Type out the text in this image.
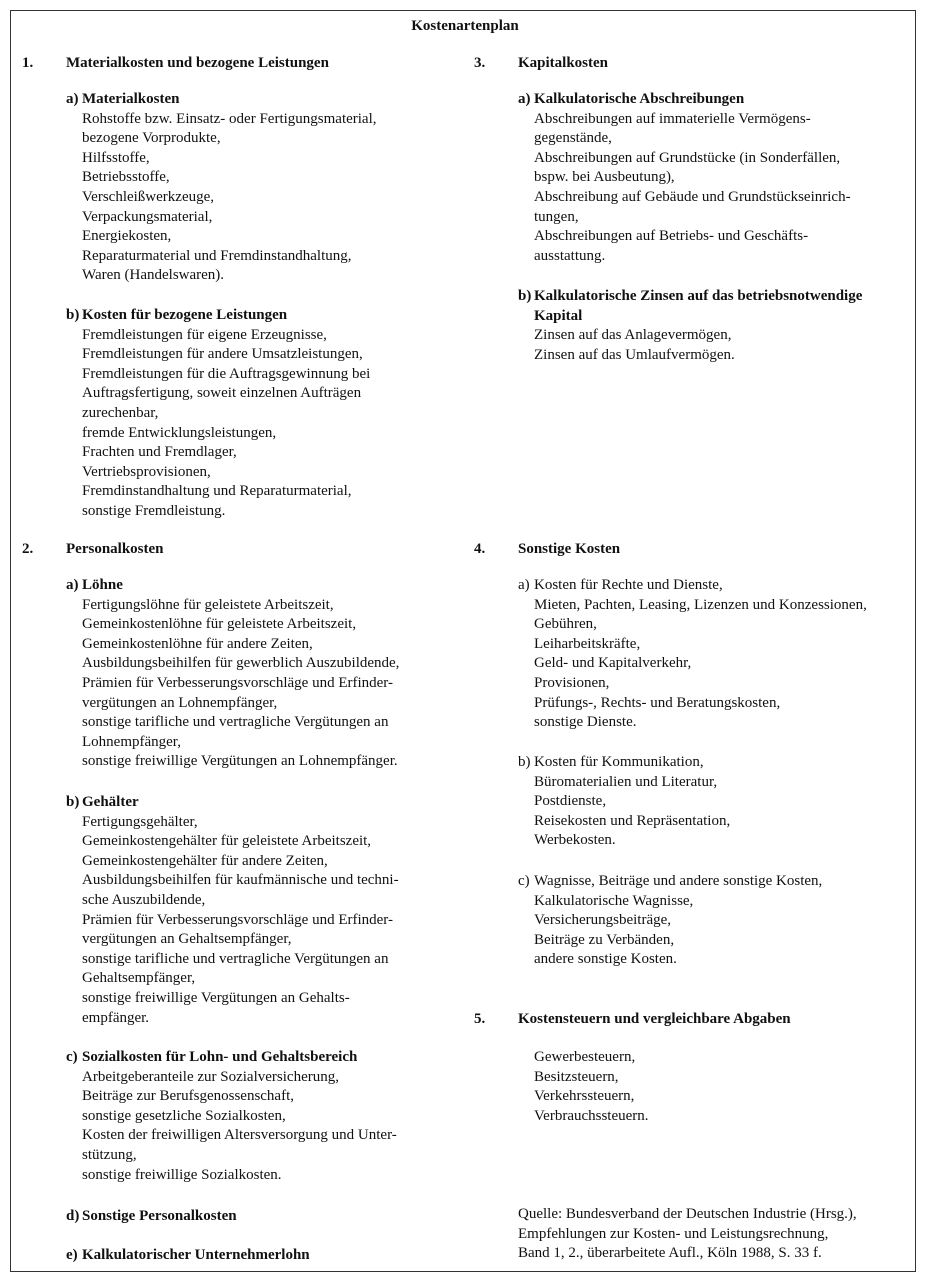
Kostenartenplan
1. Materialkosten und bezogene Leistungen
a) Materialkosten
Rohstoffe bzw. Einsatz- oder Fertigungsmaterial,
bezogene Vorprodukte,
Hilfsstoffe,
Betriebsstoffe,
Verschleißwerkzeuge,
Verpackungsmaterial,
Energiekosten,
Reparaturmaterial und Fremdinstandhaltung,
Waren (Handelswaren).
b) Kosten für bezogene Leistungen
Fremdleistungen für eigene Erzeugnisse,
Fremdleistungen für andere Umsatzleistungen,
Fremdleistungen für die Auftragsgewinnung bei
Auftragsfertigung, soweit einzelnen Aufträgen
zurechenbar,
fremde Entwicklungsleistungen,
Frachten und Fremdlager,
Vertriebsprovisionen,
Fremdinstandhaltung und Reparaturmaterial,
sonstige Fremdleistung.
2. Personalkosten
a) Löhne
Fertigungslöhne für geleistete Arbeitszeit,
Gemeinkostenlöhne für geleistete Arbeitszeit,
Gemeinkostenlöhne für andere Zeiten,
Ausbildungsbeihilfen für gewerblich Auszubildende,
Prämien für Verbesserungsvorschläge und Erfinder-
vergütungen an Lohnempfänger,
sonstige tarifliche und vertragliche Vergütungen an
Lohnempfänger,
sonstige freiwillige Vergütungen an Lohnempfänger.
b) Gehälter
Fertigungsgehälter,
Gemeinkostengehälter für geleistete Arbeitszeit,
Gemeinkostengehälter für andere Zeiten,
Ausbildungsbeihilfen für kaufmännische und techni-
sche Auszubildende,
Prämien für Verbesserungsvorschläge und Erfinder-
vergütungen an Gehaltsempfänger,
sonstige tarifliche und vertragliche Vergütungen an
Gehaltsempfänger,
sonstige freiwillige Vergütungen an Gehalts-
empfänger.
c) Sozialkosten für Lohn- und Gehaltsbereich
Arbeitgeberanteile zur Sozialversicherung,
Beiträge zur Berufsgenossenschaft,
sonstige gesetzliche Sozialkosten,
Kosten der freiwilligen Altersversorgung und Unter-
stützung,
sonstige freiwillige Sozialkosten.
d) Sonstige Personalkosten
e) Kalkulatorischer Unternehmerlohn
3. Kapitalkosten
a) Kalkulatorische Abschreibungen
Abschreibungen auf immaterielle Vermögens-
gegenstände,
Abschreibungen auf Grundstücke (in Sonderfällen,
bspw. bei Ausbeutung),
Abschreibung auf Gebäude und Grundstückseinrich-
tungen,
Abschreibungen auf Betriebs- und Geschäfts-
ausstattung.
b) Kalkulatorische Zinsen auf das betriebsnotwendige
Kapital
Zinsen auf das Anlagevermögen,
Zinsen auf das Umlaufvermögen.
4. Sonstige Kosten
a) Kosten für Rechte und Dienste,
Mieten, Pachten, Leasing, Lizenzen und Konzessionen,
Gebühren,
Leiharbeitskräfte,
Geld- und Kapitalverkehr,
Provisionen,
Prüfungs-, Rechts- und Beratungskosten,
sonstige Dienste.
b) Kosten für Kommunikation,
Büromaterialien und Literatur,
Postdienste,
Reisekosten und Repräsentation,
Werbekosten.
c) Wagnisse, Beiträge und andere sonstige Kosten,
Kalkulatorische Wagnisse,
Versicherungsbeiträge,
Beiträge zu Verbänden,
andere sonstige Kosten.
5. Kostensteuern und vergleichbare Abgaben
Gewerbesteuern,
Besitzsteuern,
Verkehrssteuern,
Verbrauchssteuern.
Quelle: Bundesverband der Deutschen Industrie (Hrsg.),
Empfehlungen zur Kosten- und Leistungsrechnung,
Band 1, 2., überarbeitete Aufl., Köln 1988, S. 33 f.
